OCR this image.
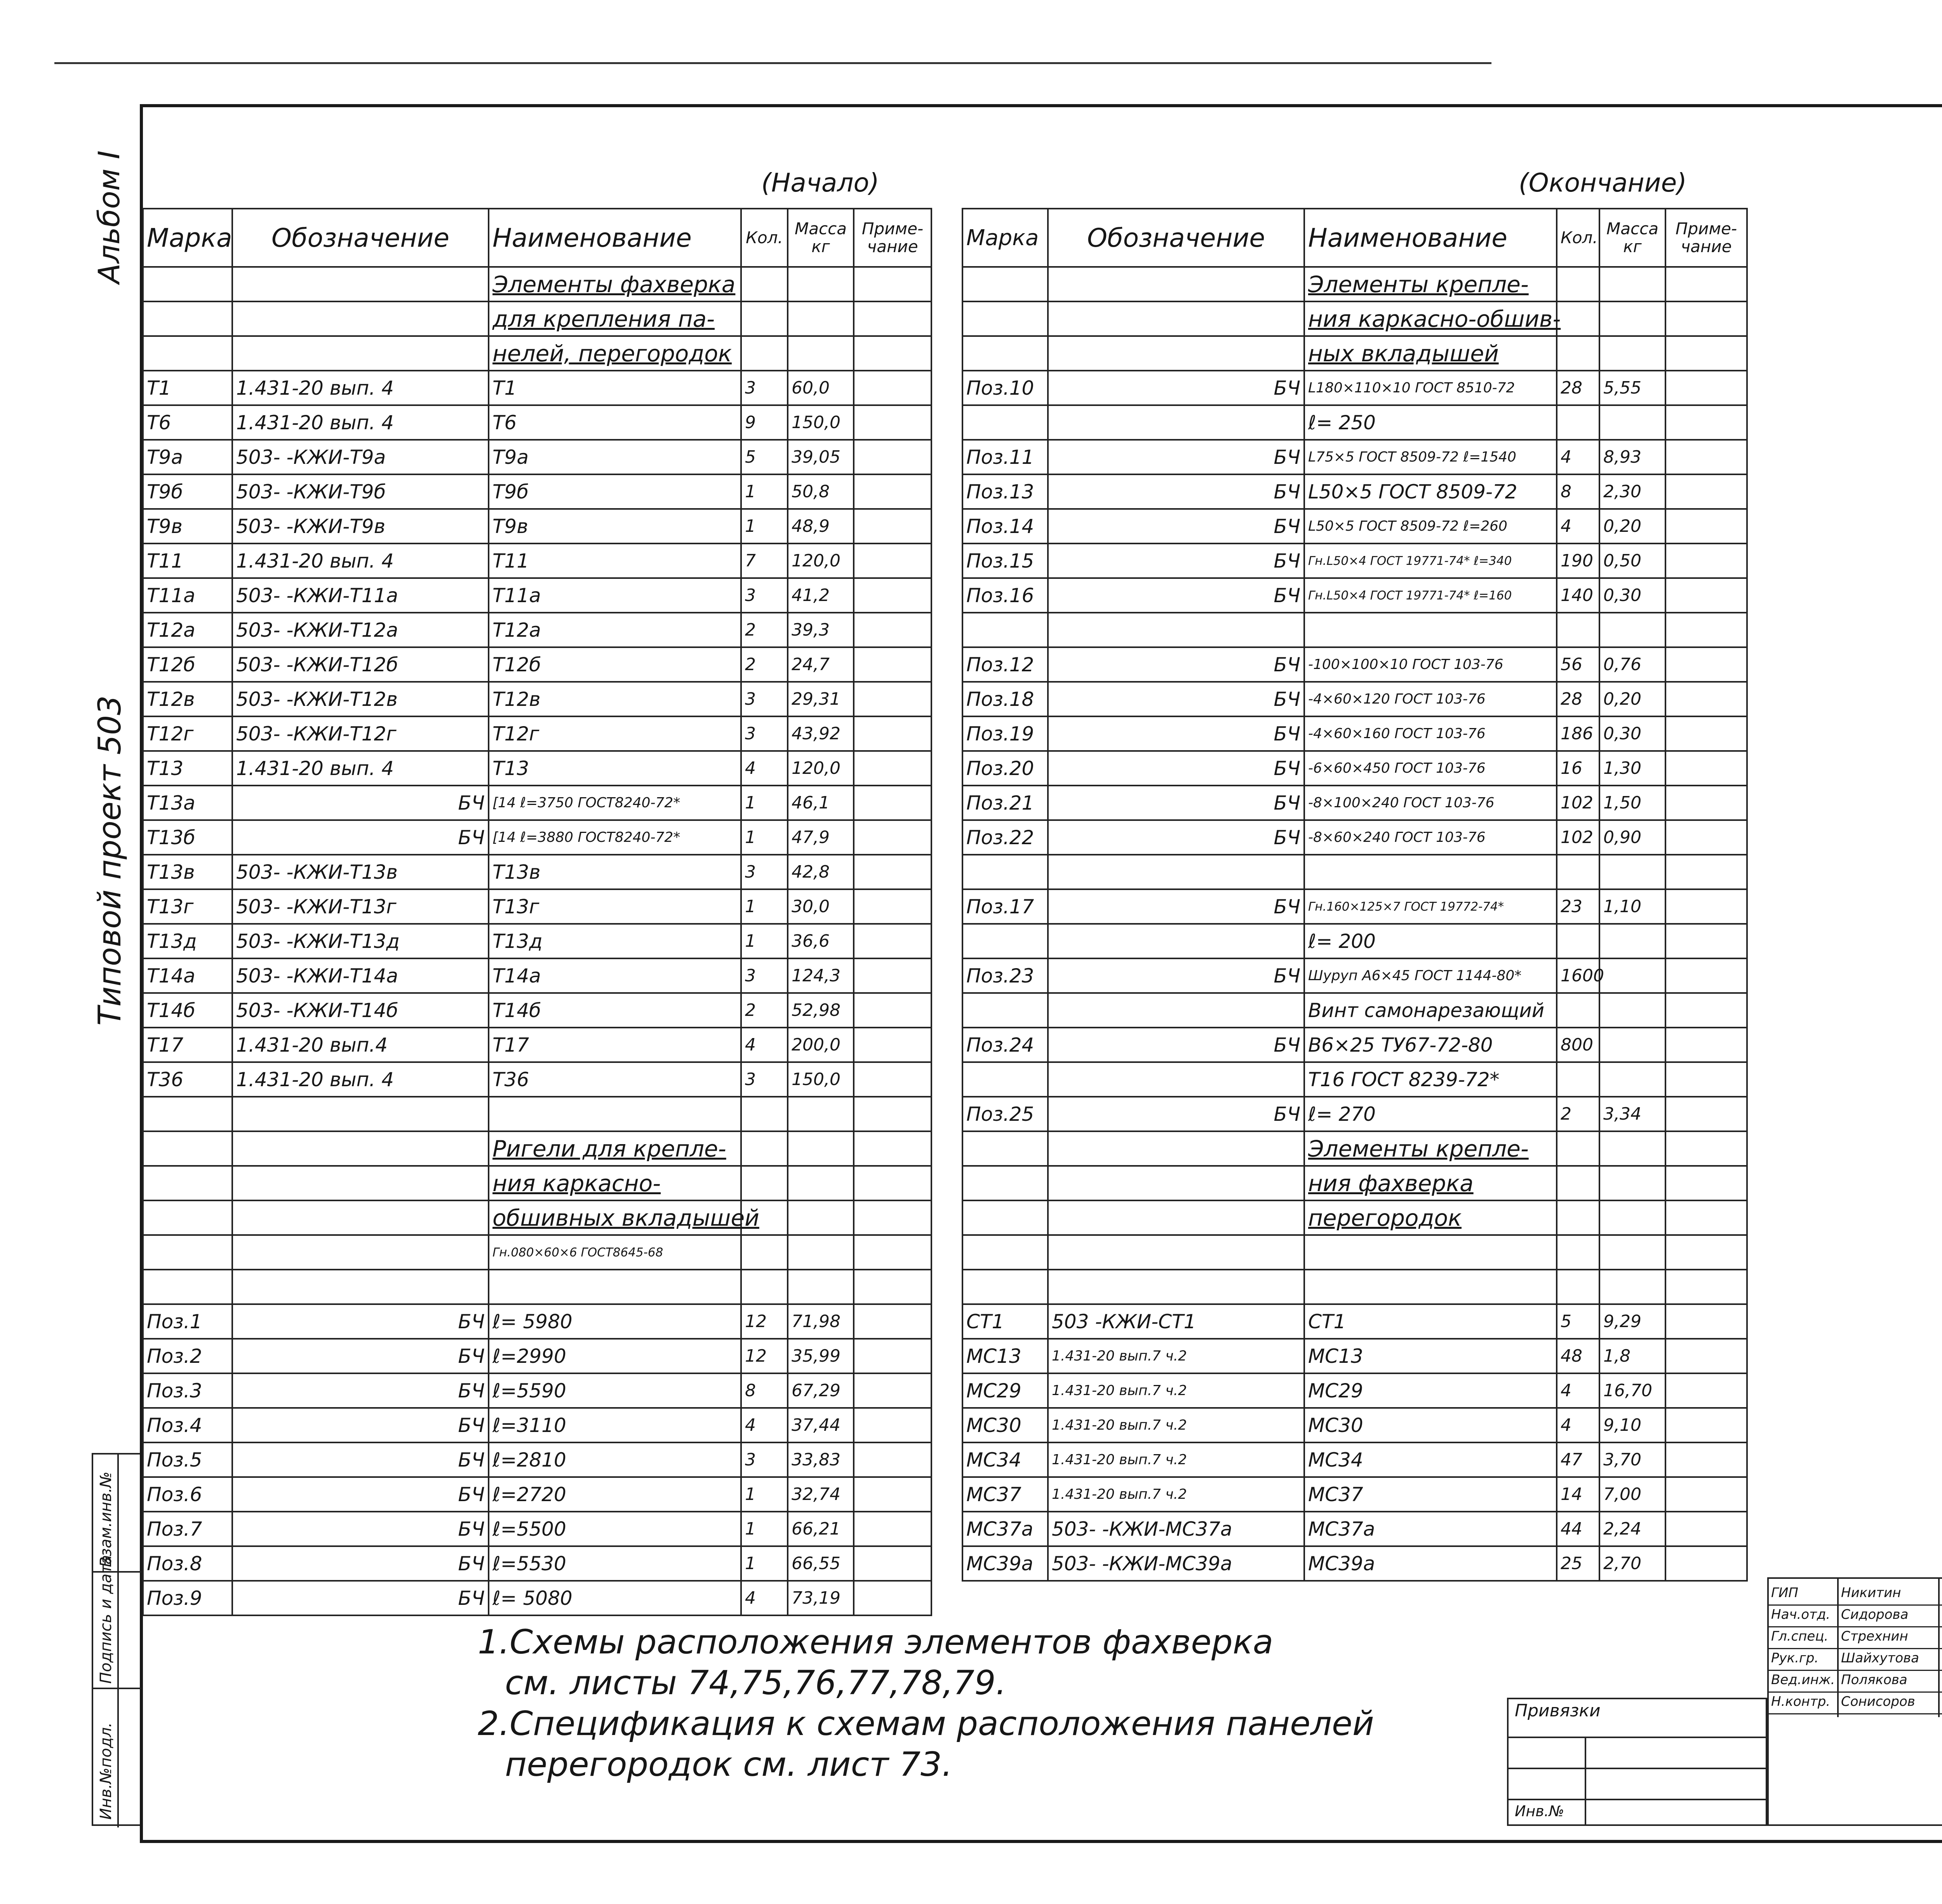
Альбом I
Типовой проект 503
Инв.№подл.
Подпись и дата
Взам.инв.№
(Начало)	(Окончание)
Марка	Обозначение	Наименование	Кол.	Масса кг	Приме- чание
		Элементы фахверка			
		для крепления па-			
		нелей, перегородок			
Т1	1.431-20 вып. 4	Т1	3	60,0	
Т6	1.431-20 вып. 4	Т6	9	150,0	
Т9а	503- -КЖИ-Т9а	Т9а	5	39,05	
Т9б	503- -КЖИ-Т9б	Т9б	1	50,8	
Т9в	503- -КЖИ-Т9в	Т9в	1	48,9	
Т11	1.431-20 вып. 4	Т11	7	120,0	
Т11а	503- -КЖИ-Т11а	Т11а	3	41,2	
Т12а	503- -КЖИ-Т12а	Т12а	2	39,3	
Т12б	503- -КЖИ-Т12б	Т12б	2	24,7	
Т12в	503- -КЖИ-Т12в	Т12в	3	29,31	
Т12г	503- -КЖИ-Т12г	Т12г	3	43,92	
Т13	1.431-20 вып. 4	Т13	4	120,0	
Т13а	БЧ	[14 ℓ=3750 ГОСТ8240-72*	1	46,1	
Т13б	БЧ	[14 ℓ=3880 ГОСТ8240-72*	1	47,9	
Т13в	503- -КЖИ-Т13в	Т13в	3	42,8	
Т13г	503- -КЖИ-Т13г	Т13г	1	30,0	
Т13д	503- -КЖИ-Т13д	Т13д	1	36,6	
Т14а	503- -КЖИ-Т14а	Т14а	3	124,3	
Т14б	503- -КЖИ-Т14б	Т14б	2	52,98	
Т17	1.431-20 вып.4	Т17	4	200,0	
Т36	1.431-20 вып. 4	Т36	3	150,0	

		Ригели для крепле-			
		ния каркасно-			
		обшивных вкладышей			
		Гн.080×60×6 ГОСТ8645-68			

Поз.1	БЧ	ℓ= 5980	12	71,98	
Поз.2	БЧ	ℓ=2990	12	35,99	
Поз.3	БЧ	ℓ=5590	8	67,29	
Поз.4	БЧ	ℓ=3110	4	37,44	
Поз.5	БЧ	ℓ=2810	3	33,83	
Поз.6	БЧ	ℓ=2720	1	32,74	
Поз.7	БЧ	ℓ=5500	1	66,21	
Поз.8	БЧ	ℓ=5530	1	66,55	
Поз.9	БЧ	ℓ= 5080	4	73,19	
Марка	Обозначение	Наименование	Кол.	Масса кг	Приме- чание
		Элементы крепле-			
		ния каркасно-обшив-			
		ных вкладышей			
Поз.10	БЧ	L180×110×10 ГОСТ 8510-72	28	5,55	
		ℓ= 250			
Поз.11	БЧ	L75×5 ГОСТ 8509-72 ℓ=1540	4	8,93	
Поз.13	БЧ	L50×5 ГОСТ 8509-72	8	2,30	
Поз.14	БЧ	L50×5 ГОСТ 8509-72 ℓ=260	4	0,20	
Поз.15	БЧ	Гн.L50×4 ГОСТ 19771-74* ℓ=340	190	0,50	
Поз.16	БЧ	Гн.L50×4 ГОСТ 19771-74* ℓ=160	140	0,30	

Поз.12	БЧ	-100×100×10 ГОСТ 103-76	56	0,76	
Поз.18	БЧ	-4×60×120 ГОСТ 103-76	28	0,20	
Поз.19	БЧ	-4×60×160 ГОСТ 103-76	186	0,30	
Поз.20	БЧ	-6×60×450 ГОСТ 103-76	16	1,30	
Поз.21	БЧ	-8×100×240 ГОСТ 103-76	102	1,50	
Поз.22	БЧ	-8×60×240 ГОСТ 103-76	102	0,90	

Поз.17	БЧ	Гн.160×125×7 ГОСТ 19772-74*	23	1,10	
		ℓ= 200			
Поз.23	БЧ	Шуруп А6×45 ГОСТ 1144-80*	1600		
		Винт самонарезающий			
Поз.24	БЧ	В6×25 ТУ67-72-80	800		
		Т16 ГОСТ 8239-72*			
Поз.25	БЧ	ℓ= 270	2	3,34	
		Элементы крепле-			
		ния фахверка			
		перегородок			

СТ1	503 -КЖИ-СТ1	СТ1	5	9,29	
МС13	1.431-20 вып.7 ч.2	МС13	48	1,8	
МС29	1.431-20 вып.7 ч.2	МС29	4	16,70	
МС30	1.431-20 вып.7 ч.2	МС30	4	9,10	
МС34	1.431-20 вып.7 ч.2	МС34	47	3,70	
МС37	1.431-20 вып.7 ч.2	МС37	14	7,00	
МС37а	503- -КЖИ-МС37а	МС37а	44	2,24	
МС39а	503- -КЖИ-МС39а	МС39а	25	2,70	
1.Схемы расположения элементов фахверка
см. листы 74,75,76,77,78,79.
2.Спецификация к схемам расположения панелей
перегородок см. лист 73.
Привязки
Инв.№
ГИП	Никитин
Нач.отд. Сидорова
Гл.спец. Стрехнин
Рук.гр. Шайхутова
Вед.инж. Полякова
Н.контр. Сонисоров
